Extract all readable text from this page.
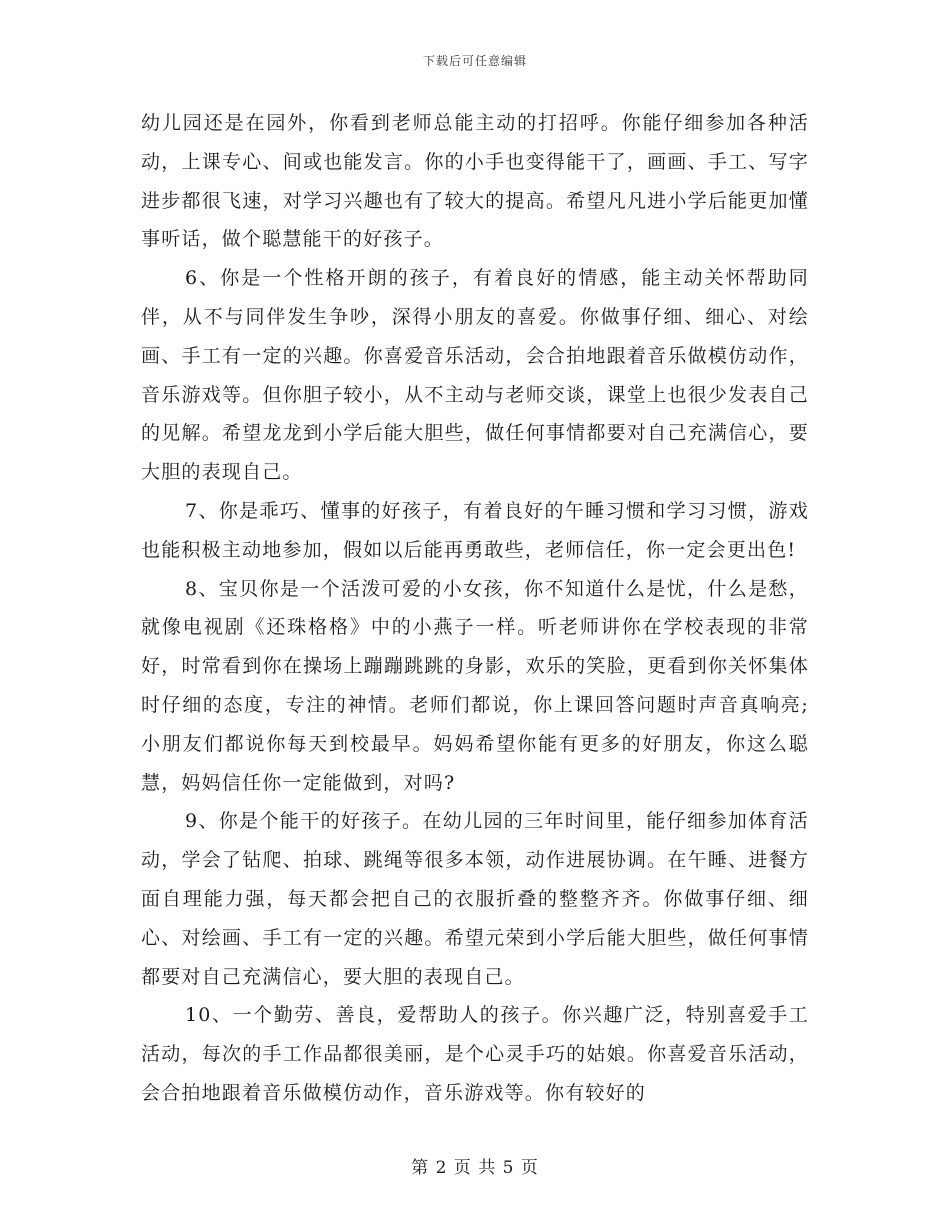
下载后可任意编辑

幼儿园还是在园外，你看到老师总能主动的打招呼。你能仔细参加各种活动，上课专心、间或也能发言。你的小手也变得能干了，画画、手工、写字进步都很飞速，对学习兴趣也有了较大的提高。希望凡凡进小学后能更加懂事听话，做个聪慧能干的好孩子。

6、你是一个性格开朗的孩子，有着良好的情感，能主动关怀帮助同伴，从不与同伴发生争吵，深得小朋友的喜爱。你做事仔细、细心、对绘画、手工有一定的兴趣。你喜爱音乐活动，会合拍地跟着音乐做模仿动作，音乐游戏等。但你胆子较小，从不主动与老师交谈，课堂上也很少发表自己的见解。希望龙龙到小学后能大胆些，做任何事情都要对自己充满信心，要大胆的表现自己。

7、你是乖巧、懂事的好孩子，有着良好的午睡习惯和学习习惯，游戏也能积极主动地参加，假如以后能再勇敢些，老师信任，你一定会更出色!

8、宝贝你是一个活泼可爱的小女孩，你不知道什么是忧，什么是愁，就像电视剧《还珠格格》中的小燕子一样。听老师讲你在学校表现的非常好，时常看到你在操场上蹦蹦跳跳的身影，欢乐的笑脸，更看到你关怀集体时仔细的态度，专注的神情。老师们都说，你上课回答问题时声音真响亮;小朋友们都说你每天到校最早。妈妈希望你能有更多的好朋友，你这么聪慧，妈妈信任你一定能做到，对吗?

9、你是个能干的好孩子。在幼儿园的三年时间里，能仔细参加体育活动，学会了钻爬、拍球、跳绳等很多本领，动作进展协调。在午睡、进餐方面自理能力强，每天都会把自己的衣服折叠的整整齐齐。你做事仔细、细心、对绘画、手工有一定的兴趣。希望元荣到小学后能大胆些，做任何事情都要对自己充满信心，要大胆的表现自己。

10、一个勤劳、善良，爱帮助人的孩子。你兴趣广泛，特别喜爱手工活动，每次的手工作品都很美丽，是个心灵手巧的姑娘。你喜爱音乐活动，会合拍地跟着音乐做模仿动作，音乐游戏等。你有较好的

第 2 页 共 5 页
